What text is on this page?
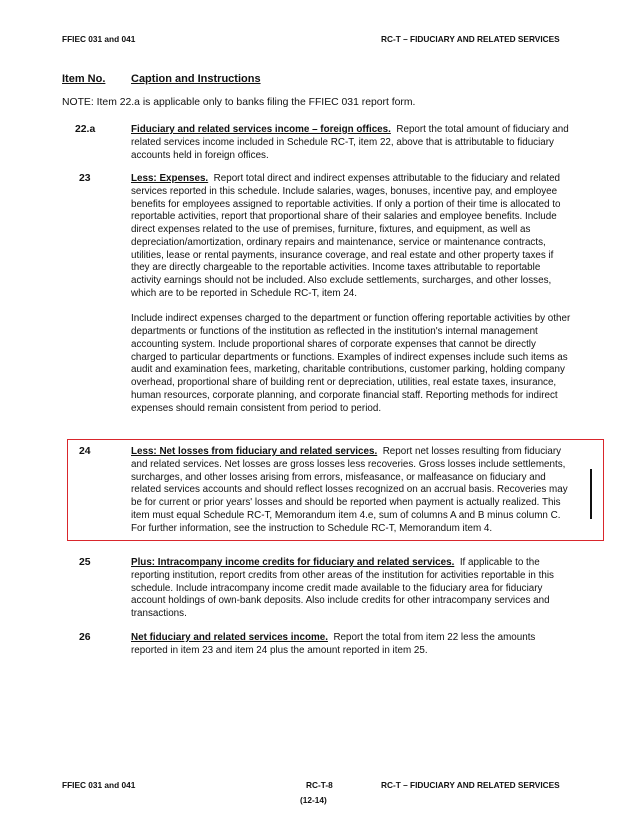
FFIEC 031 and 041	RC-T – FIDUCIARY AND RELATED SERVICES
Item No. Caption and Instructions
NOTE: Item 22.a is applicable only to banks filing the FFIEC 031 report form.
22.a	Fiduciary and related services income – foreign offices. Report the total amount of fiduciary and related services income included in Schedule RC-T, item 22, above that is attributable to fiduciary accounts held in foreign offices.
23	Less: Expenses. Report total direct and indirect expenses attributable to the fiduciary and related services reported in this schedule. Include salaries, wages, bonuses, incentive pay, and employee benefits for employees assigned to reportable activities. If only a portion of their time is allocated to reportable activities, report that proportional share of their salaries and employee benefits. Include direct expenses related to the use of premises, furniture, fixtures, and equipment, as well as depreciation/amortization, ordinary repairs and maintenance, service or maintenance contracts, utilities, lease or rental payments, insurance coverage, and real estate and other property taxes if they are directly chargeable to the reportable activities. Income taxes attributable to reportable activity earnings should not be included. Also exclude settlements, surcharges, and other losses, which are to be reported in Schedule RC-T, item 24.
Include indirect expenses charged to the department or function offering reportable activities by other departments or functions of the institution as reflected in the institution's internal management accounting system. Include proportional shares of corporate expenses that cannot be directly charged to particular departments or functions. Examples of indirect expenses include such items as audit and examination fees, marketing, charitable contributions, customer parking, holding company overhead, proportional share of building rent or depreciation, utilities, real estate taxes, insurance, human resources, corporate planning, and corporate financial staff. Reporting methods for indirect expenses should remain consistent from period to period.
24	Less: Net losses from fiduciary and related services. Report net losses resulting from fiduciary and related services. Net losses are gross losses less recoveries. Gross losses include settlements, surcharges, and other losses arising from errors, misfeasance, or malfeasance on fiduciary and related services accounts and should reflect losses recognized on an accrual basis. Recoveries may be for current or prior years' losses and should be reported when payment is actually realized. This item must equal Schedule RC-T, Memorandum item 4.e, sum of columns A and B minus column C. For further information, see the instruction to Schedule RC-T, Memorandum item 4.
25	Plus: Intracompany income credits for fiduciary and related services. If applicable to the reporting institution, report credits from other areas of the institution for activities reportable in this schedule. Include intracompany income credit made available to the fiduciary area for fiduciary account holdings of own-bank deposits. Also include credits for other intracompany services and transactions.
26	Net fiduciary and related services income. Report the total from item 22 less the amounts reported in item 23 and item 24 plus the amount reported in item 25.
FFIEC 031 and 041	RC-T-8
(12-14)
RC-T – FIDUCIARY AND RELATED SERVICES
